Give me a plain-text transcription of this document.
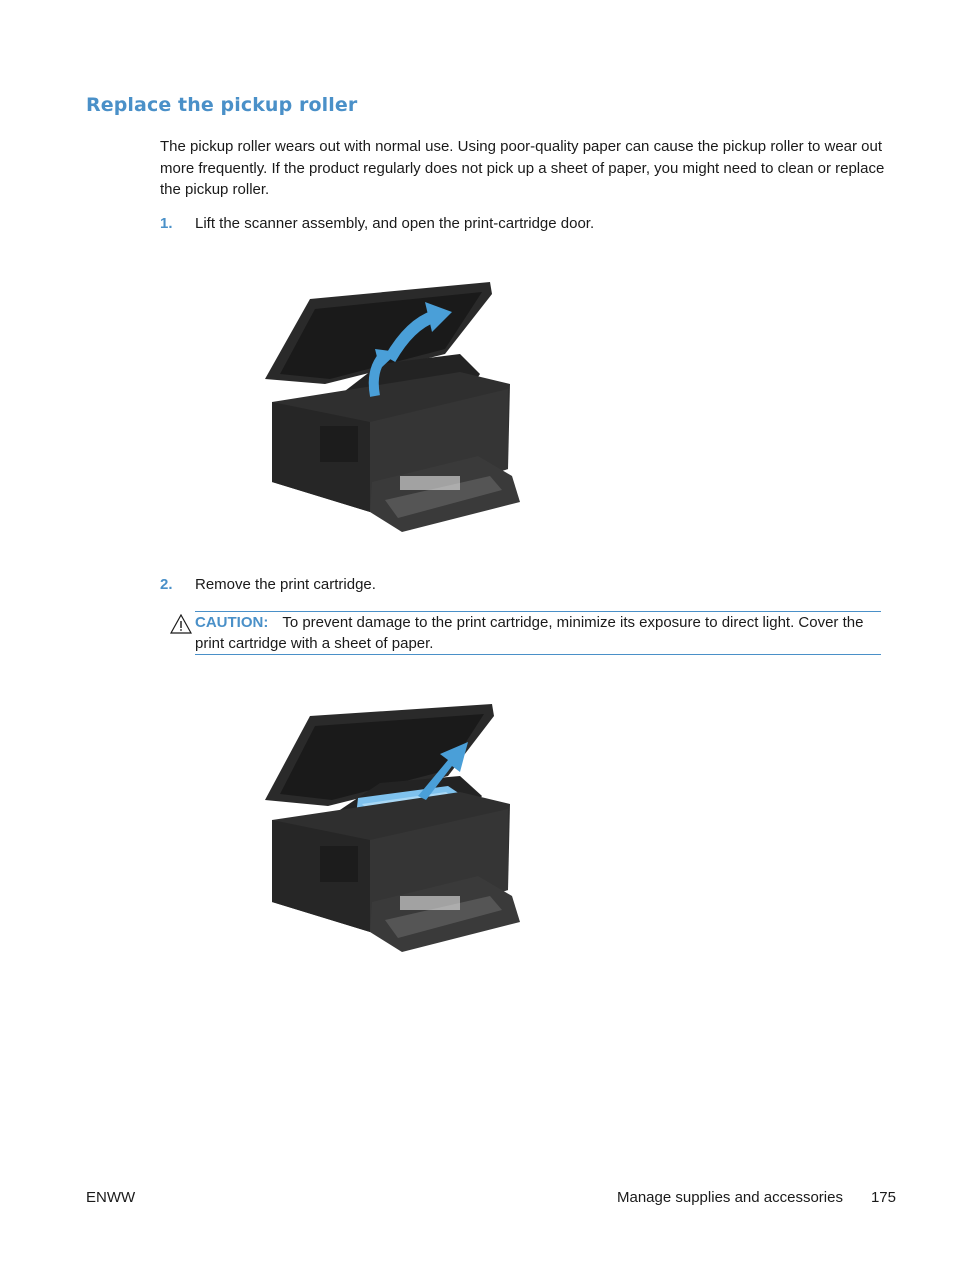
Replace the pickup roller

The pickup roller wears out with normal use. Using poor-quality paper can cause the pickup roller to wear out more frequently. If the product regularly does not pick up a sheet of paper, you might need to clean or replace the pickup roller.

1.	Lift the scanner assembly, and open the print-cartridge door.
2.	Remove the print cartridge.
CAUTION: To prevent damage to the print cartridge, minimize its exposure to direct light. Cover the print cartridge with a sheet of paper.
ENWW	Manage supplies and accessories 175
